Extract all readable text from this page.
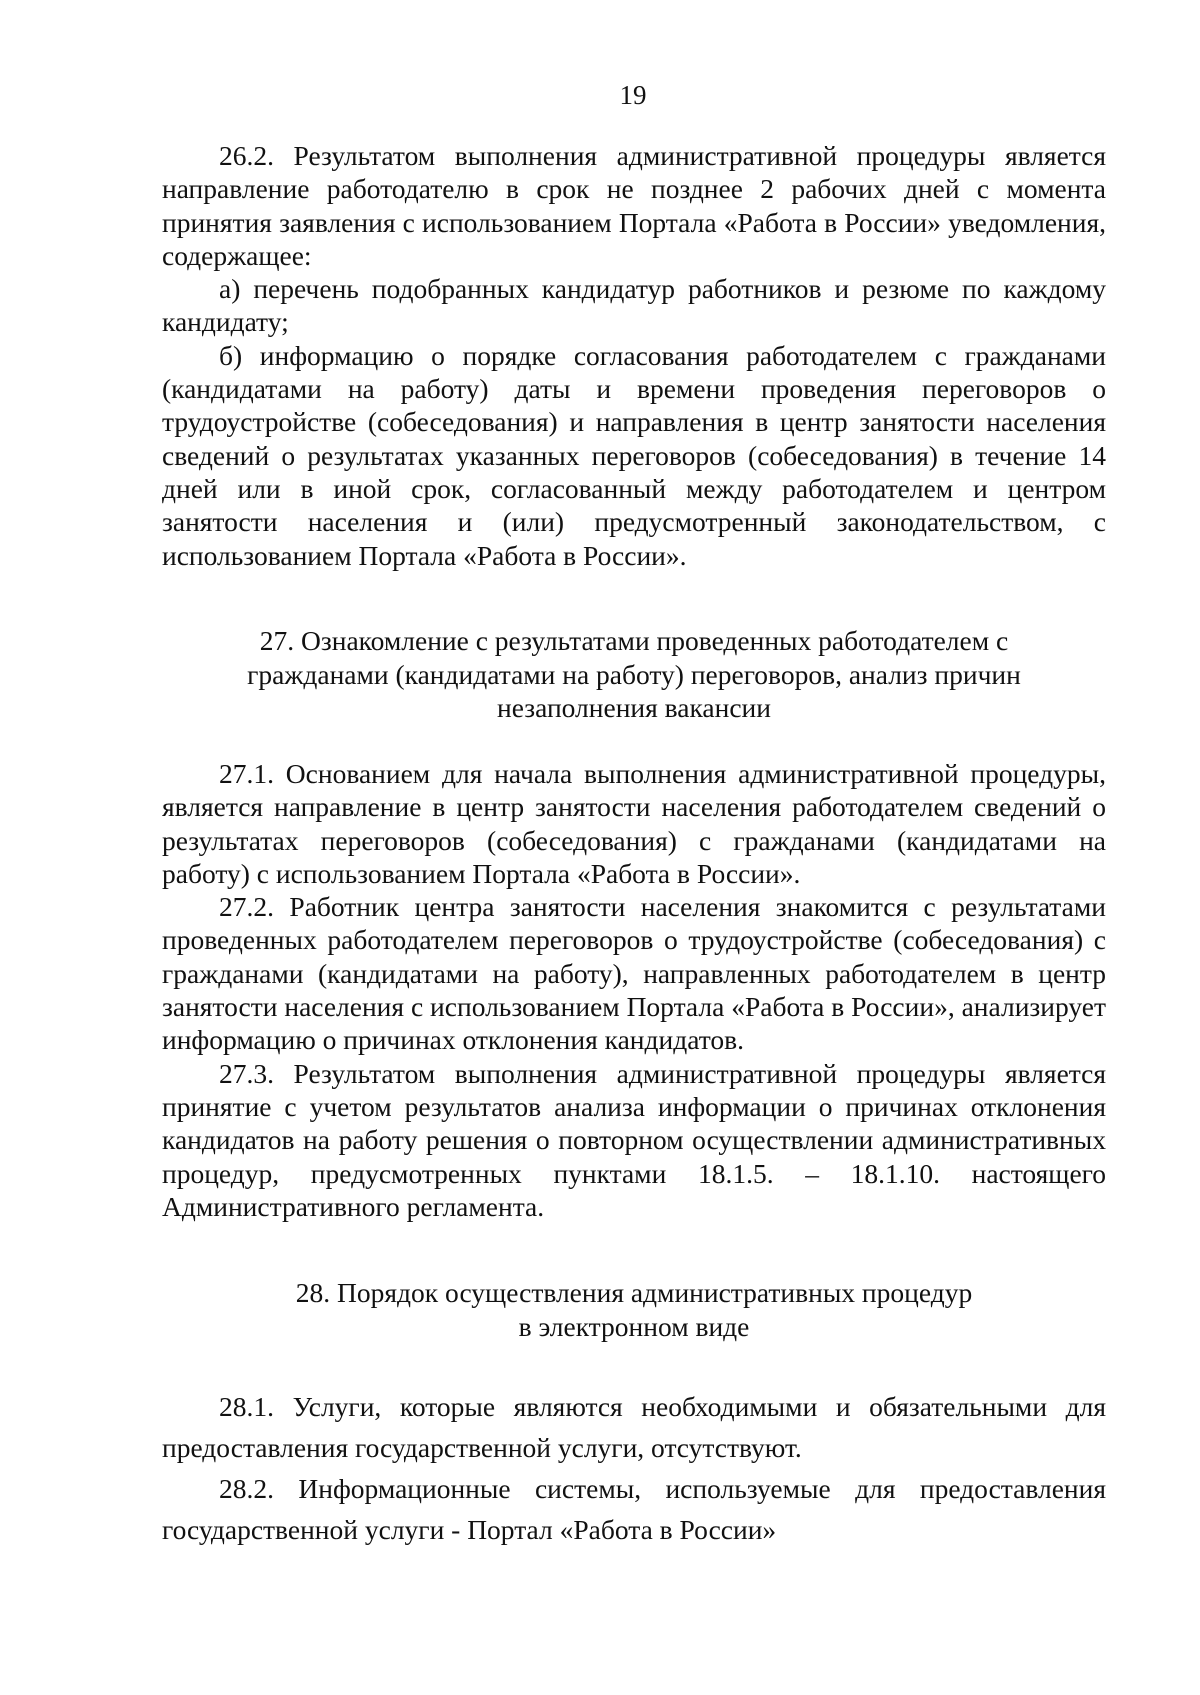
19

26.2. Результатом выполнения административной процедуры является направление работодателю в срок не позднее 2 рабочих дней с момента принятия заявления с использованием Портала «Работа в России» уведомления, содержащее:

а) перечень подобранных кандидатур работников и резюме по каждому кандидату;

б) информацию о порядке согласования работодателем с гражданами (кандидатами на работу) даты и времени проведения переговоров о трудоустройстве (собеседования) и направления в центр занятости населения сведений о результатах указанных переговоров (собеседования) в течение 14 дней или в иной срок, согласованный между работодателем и центром занятости населения и (или) предусмотренный законодательством, с использованием Портала «Работа в России».

27. Ознакомление с результатами проведенных работодателем с
гражданами (кандидатами на работу) переговоров, анализ причин
незаполнения вакансии

27.1. Основанием для начала выполнения административной процедуры, является направление в центр занятости населения работодателем сведений о результатах переговоров (собеседования) с гражданами (кандидатами на работу) с использованием Портала «Работа в России».

27.2. Работник центра занятости населения знакомится с результатами проведенных работодателем переговоров о трудоустройстве (собеседования) с гражданами (кандидатами на работу), направленных работодателем в центр занятости населения с использованием Портала «Работа в России», анализирует информацию о причинах отклонения кандидатов.

27.3. Результатом выполнения административной процедуры является принятие с учетом результатов анализа информации о причинах отклонения кандидатов на работу решения о повторном осуществлении административных процедур, предусмотренных пунктами 18.1.5. – 18.1.10. настоящего Административного регламента.

28. Порядок осуществления административных процедур
в электронном виде

28.1. Услуги, которые являются необходимыми и обязательными для предоставления государственной услуги, отсутствуют.

28.2. Информационные системы, используемые для предоставления государственной услуги - Портал «Работа в России»
